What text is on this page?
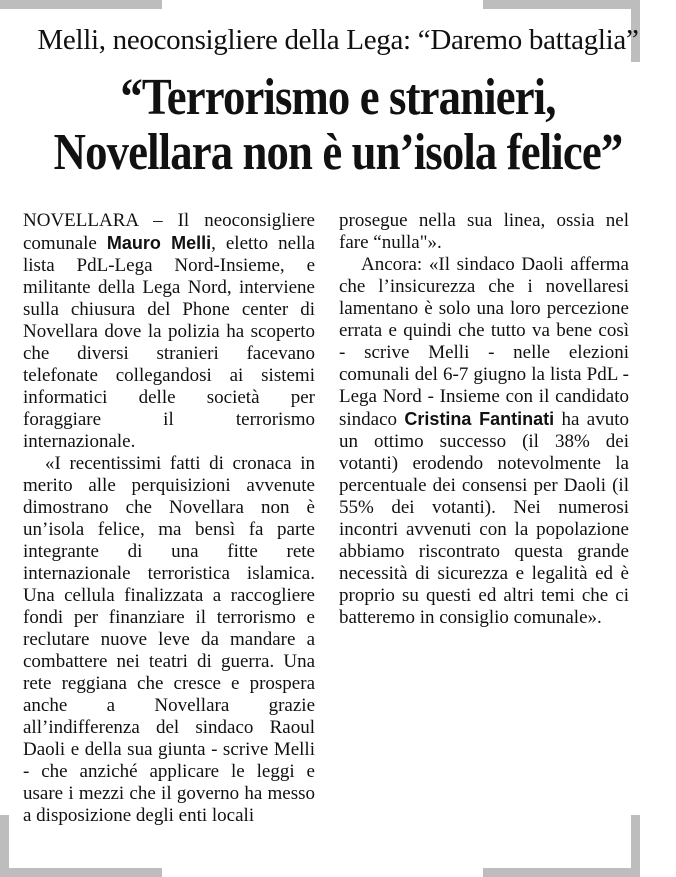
Melli, neoconsigliere della Lega: “Daremo battaglia”
“Terrorismo e stranieri,
Novellara non è un’isola felice”

NOVELLARA – Il neoconsigliere comunale Mauro Melli, eletto nella lista PdL-Lega Nord-Insieme, e militante della Lega Nord, interviene sulla chiusura del Phone center di Novellara dove la polizia ha scoperto che diversi stranieri facevano telefonate collegandosi ai sistemi informatici delle società per foraggiare il terrorismo internazionale.

«I recentissimi fatti di cronaca in merito alle perquisizioni avvenute dimostrano che Novellara non è un’isola felice, ma bensì fa parte integrante di una fitte rete internazionale terroristica islamica. Una cellula finalizzata a raccogliere fondi per finanziare il terrorismo e reclutare nuove leve da mandare a combattere nei teatri di guerra. Una rete reggiana che cresce e prospera anche a Novellara grazie all’indifferenza del sindaco Raoul Daoli e della sua giunta - scrive Melli - che anziché applicare le leggi e usare i mezzi che il governo ha messo a disposizione degli enti locali

prosegue nella sua linea, ossia nel fare “nulla"».

Ancora: «Il sindaco Daoli afferma che l’insicurezza che i novellaresi lamentano è solo una loro percezione errata e quindi che tutto va bene così - scrive Melli - nelle elezioni comunali del 6-7 giugno la lista PdL - Lega Nord - Insieme con il candidato sindaco Cristina Fantinati ha avuto un ottimo successo (il 38% dei votanti) erodendo notevolmente la percentuale dei consensi per Daoli (il 55% dei votanti). Nei numerosi incontri avvenuti con la popolazione abbiamo riscontrato questa grande necessità di sicurezza e legalità ed è proprio su questi ed altri temi che ci batteremo in consiglio comunale».
